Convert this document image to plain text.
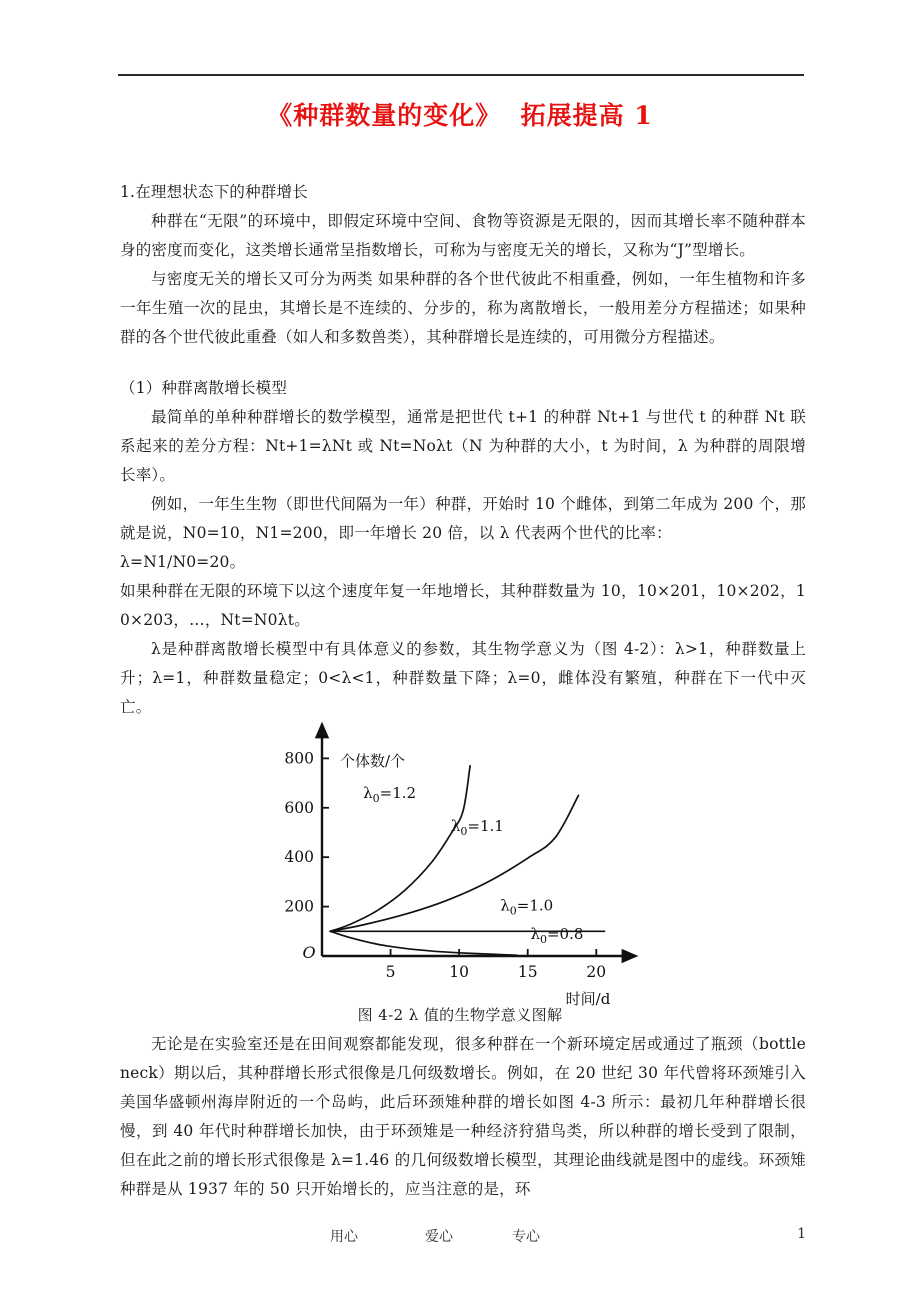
《种群数量的变化》  拓展提高 1

1.在理想状态下的种群增长

种群在“无限”的环境中，即假定环境中空间、食物等资源是无限的，因而其增长率不随种群本身的密度而变化，这类增长通常呈指数增长，可称为与密度无关的增长，又称为“J”型增长。

与密度无关的增长又可分为两类 如果种群的各个世代彼此不相重叠，例如，一年生植物和许多一年生殖一次的昆虫，其增长是不连续的、分步的，称为离散增长，一般用差分方程描述；如果种群的各个世代彼此重叠（如人和多数兽类），其种群增长是连续的，可用微分方程描述。

（1）种群离散增长模型

最简单的单种种群增长的数学模型，通常是把世代 t+1 的种群 Nt+1 与世代 t 的种群 Nt 联系起来的差分方程：Nt+1=λNt 或 Nt=Noλt（N 为种群的大小，t 为时间，λ 为种群的周限增长率）。

例如，一年生生物（即世代间隔为一年）种群，开始时 10 个雌体，到第二年成为 200 个，那就是说，N0=10，N1=200，即一年增长 20 倍，以 λ 代表两个世代的比率：

λ=N1/N0=20。

如果种群在无限的环境下以这个速度年复一年地增长，其种群数量为 10，10×201，10×202，10×203，…，Nt=N0λt。

λ是种群离散增长模型中有具体意义的参数，其生物学意义为（图 4-2）：λ>1，种群数量上升；λ=1，种群数量稳定；0<λ<1，种群数量下降；λ=0，雌体没有繁殖，种群在下一代中灭亡。

200
400
600
800
5	10	15	20
O
个体数/个
时间/d
$\lambda_0=1.2$
$\lambda_0=1.1$
$\lambda_0=1.0$
$\lambda_0=0.8$
图 4-2 λ 值的生物学意义图解

无论是在实验室还是在田间观察都能发现，很多种群在一个新环境定居或通过了瓶颈（bottle neck）期以后，其种群增长形式很像是几何级数增长。例如，在 20 世纪 30 年代曾将环颈雉引入美国华盛顿州海岸附近的一个岛屿，此后环颈雉种群的增长如图 4-3 所示：最初几年种群增长很慢，到 40 年代时种群增长加快，由于环颈雉是一种经济狩猎鸟类，所以种群的增长受到了限制，但在此之前的增长形式很像是 λ=1.46 的几何级数增长模型，其理论曲线就是图中的虚线。环颈雉种群是从 1937 年的 50 只开始增长的，应当注意的是，环

用心	爱心	专心	1
